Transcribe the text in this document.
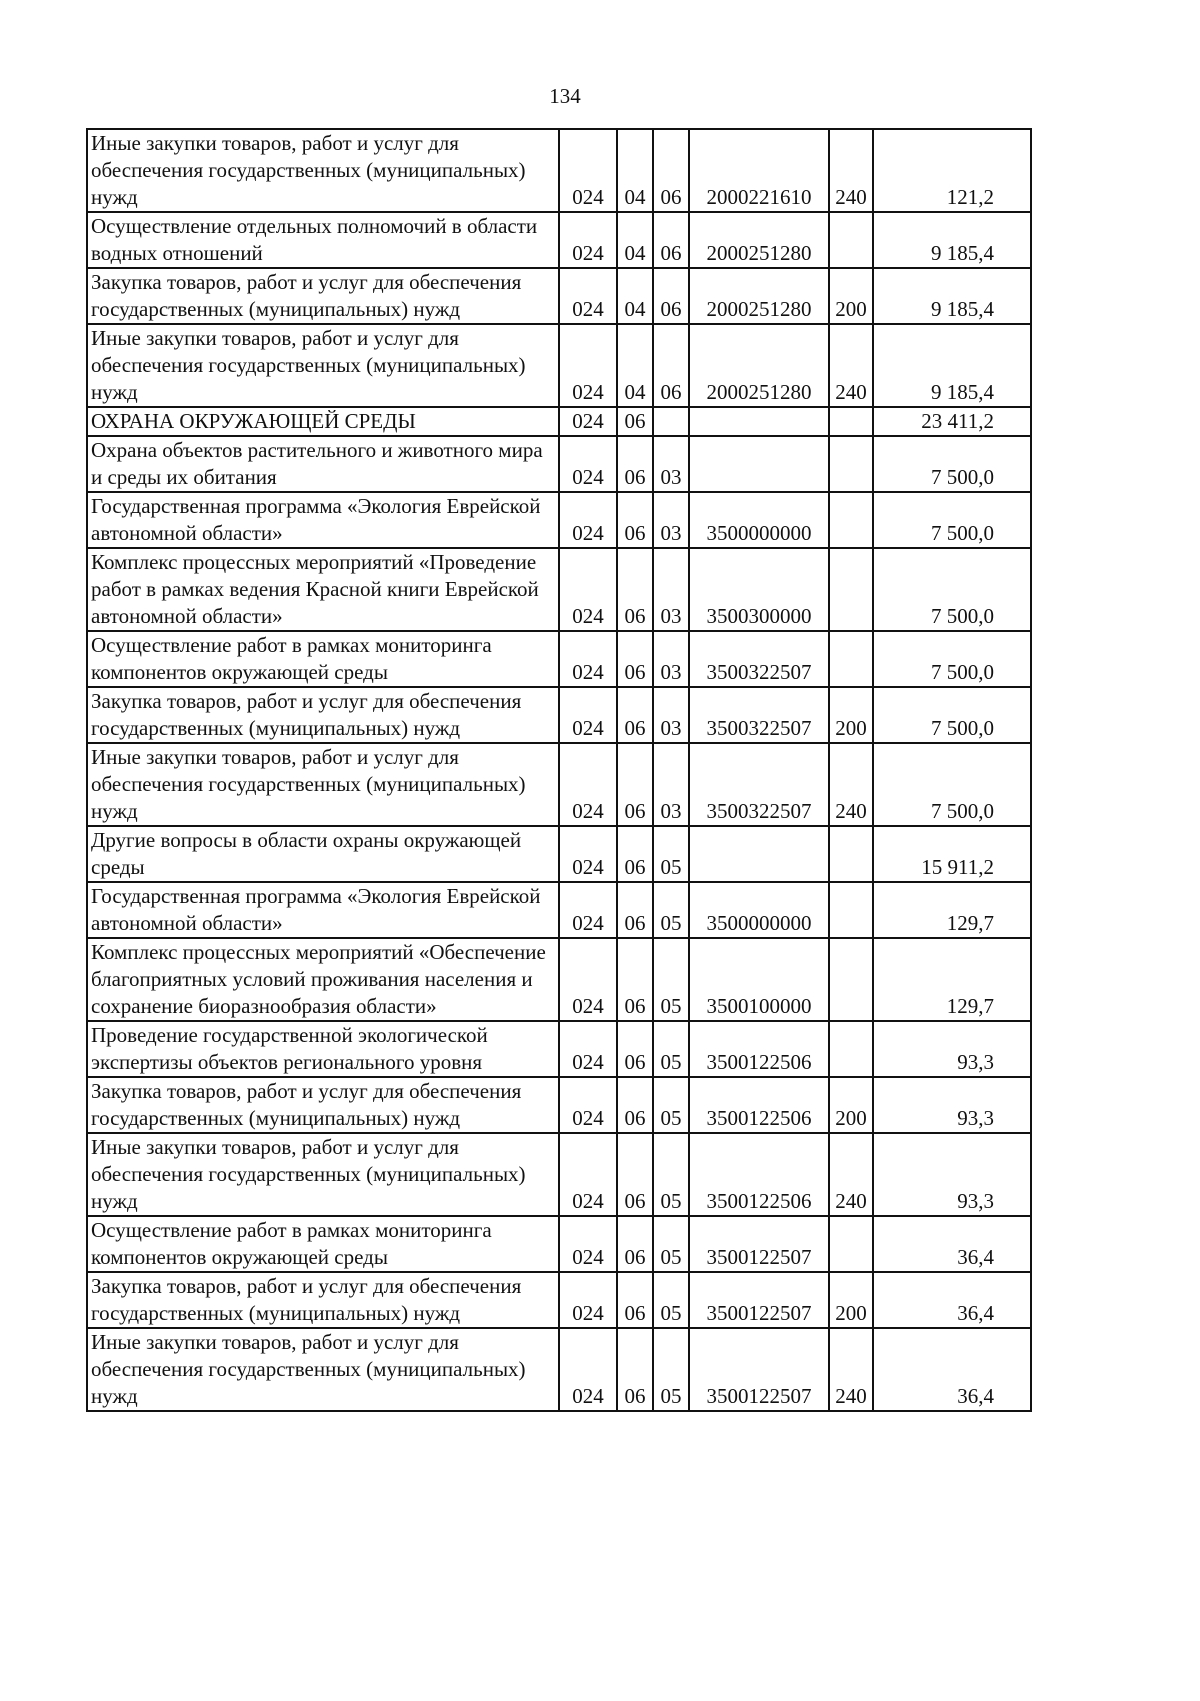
134
Иные закупки товаров, работ и услуг для обеспечения государственных (муниципальных) нужд	024	04	06	2000221610	240	121,2
Осуществление отдельных полномочий в области водных отношений	024	04	06	2000251280		9 185,4
Закупка товаров, работ и услуг для обеспечения государственных (муниципальных) нужд	024	04	06	2000251280	200	9 185,4
Иные закупки товаров, работ и услуг для обеспечения государственных (муниципальных) нужд	024	04	06	2000251280	240	9 185,4
ОХРАНА ОКРУЖАЮЩЕЙ СРЕДЫ	024	06				23 411,2
Охрана объектов растительного и животного мира и среды их обитания	024	06	03			7 500,0
Государственная программа «Экология Еврейской автономной области»	024	06	03	3500000000		7 500,0
Комплекс процессных мероприятий «Проведение работ в рамках ведения Красной книги Еврейской автономной области»	024	06	03	3500300000		7 500,0
Осуществление работ в рамках мониторинга компонентов окружающей среды	024	06	03	3500322507		7 500,0
Закупка товаров, работ и услуг для обеспечения государственных (муниципальных) нужд	024	06	03	3500322507	200	7 500,0
Иные закупки товаров, работ и услуг для обеспечения государственных (муниципальных) нужд	024	06	03	3500322507	240	7 500,0
Другие вопросы в области охраны окружающей среды	024	06	05			15 911,2
Государственная программа «Экология Еврейской автономной области»	024	06	05	3500000000		129,7
Комплекс процессных мероприятий «Обеспечение благоприятных условий проживания населения и сохранение биоразнообразия области»	024	06	05	3500100000		129,7
Проведение государственной экологической экспертизы объектов регионального уровня	024	06	05	3500122506		93,3
Закупка товаров, работ и услуг для обеспечения государственных (муниципальных) нужд	024	06	05	3500122506	200	93,3
Иные закупки товаров, работ и услуг для обеспечения государственных (муниципальных) нужд	024	06	05	3500122506	240	93,3
Осуществление работ в рамках мониторинга компонентов окружающей среды	024	06	05	3500122507		36,4
Закупка товаров, работ и услуг для обеспечения государственных (муниципальных) нужд	024	06	05	3500122507	200	36,4
Иные закупки товаров, работ и услуг для обеспечения государственных (муниципальных) нужд	024	06	05	3500122507	240	36,4
